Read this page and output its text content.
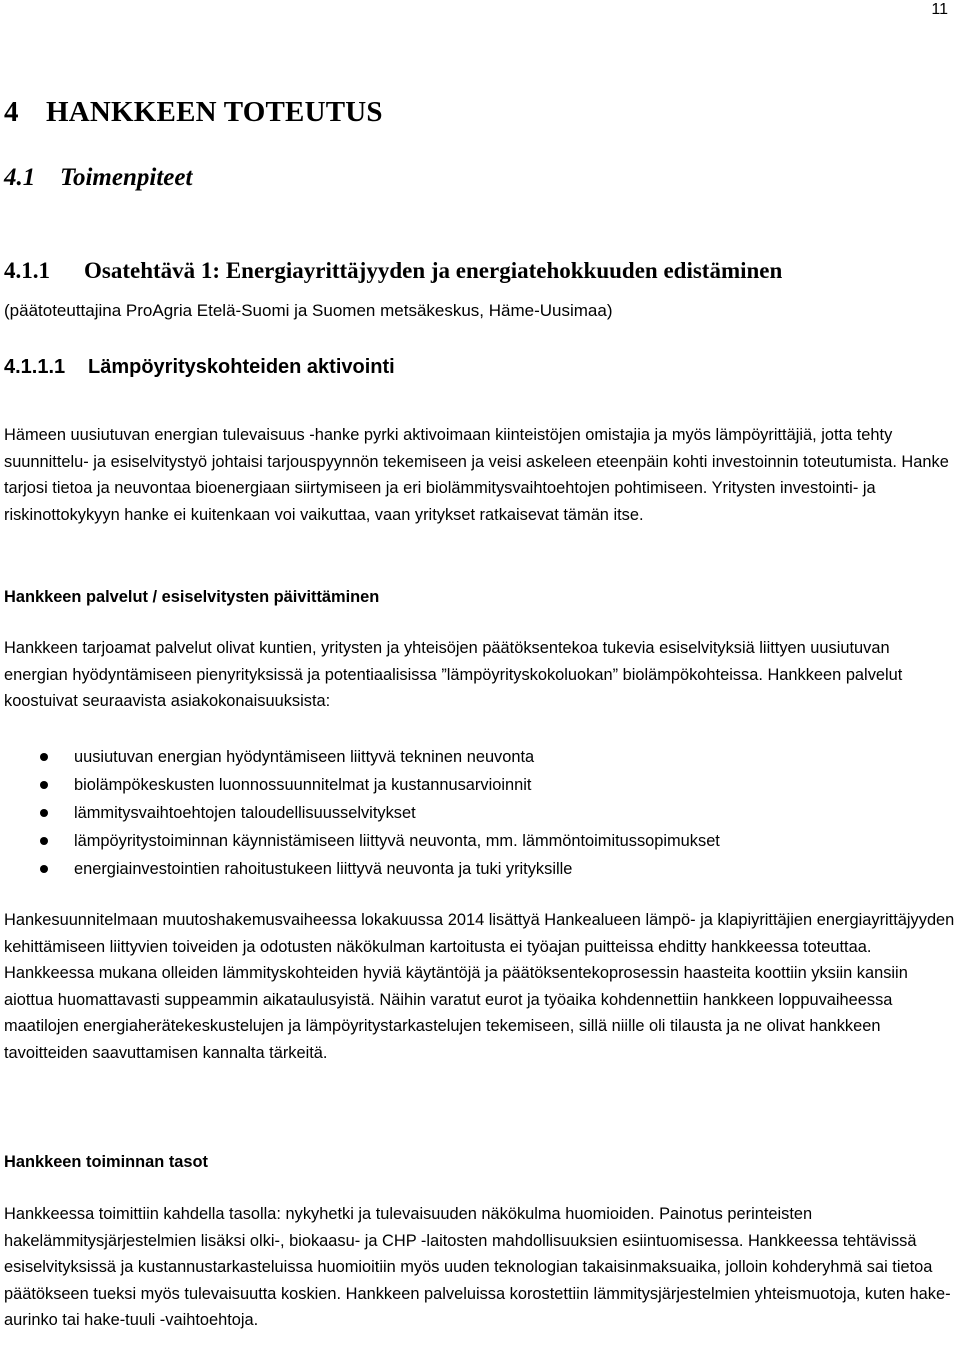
11
4 HANKKEEN TOTEUTUS
4.1 Toimenpiteet
4.1.1 Osatehtävä 1: Energiayrittäjyyden ja energiatehokkuuden edistäminen

(päätoteuttajina ProAgria Etelä-Suomi ja Suomen metsäkeskus, Häme-Uusimaa)

4.1.1.1 Lämpöyrityskohteiden aktivointi

Hämeen uusiutuvan energian tulevaisuus -hanke pyrki aktivoimaan kiinteistöjen omistajia ja myös lämpöyrittäjiä, jotta tehty suunnittelu- ja esiselvitystyö johtaisi tarjouspyynnön tekemiseen ja veisi askeleen eteenpäin kohti investoinnin toteutumista. Hanke tarjosi tietoa ja neuvontaa bioenergiaan siirtymiseen ja eri biolämmitysvaihtoehtojen pohtimiseen. Yritysten investointi- ja riskinottokykyyn hanke ei kuitenkaan voi vaikuttaa, vaan yritykset ratkaisevat tämän itse.

Hankkeen palvelut / esiselvitysten päivittäminen

Hankkeen tarjoamat palvelut olivat kuntien, yritysten ja yhteisöjen päätöksentekoa tukevia esiselvityksiä liittyen uusiutuvan energian hyödyntämiseen pienyrityksissä ja potentiaalisissa ”lämpöyrityskokoluokan” biolämpökohteissa. Hankkeen palvelut koostuivat seuraavista asiakokonaisuuksista:

uusiutuvan energian hyödyntämiseen liittyvä tekninen neuvonta
biolämpökeskusten luonnossuunnitelmat ja kustannusarvioinnit
lämmitysvaihtoehtojen taloudellisuusselvitykset
lämpöyritystoiminnan käynnistämiseen liittyvä neuvonta, mm. lämmöntoimitussopimukset
energiainvestointien rahoitustukeen liittyvä neuvonta ja tuki yrityksille

Hankesuunnitelmaan muutoshakemusvaiheessa lokakuussa 2014 lisättyä Hankealueen lämpö- ja klapiyrittäjien energiayrittäjyyden kehittämiseen liittyvien toiveiden ja odotusten näkökulman kartoitusta ei työajan puitteissa ehditty hankkeessa toteuttaa. Hankkeessa mukana olleiden lämmityskohteiden hyviä käytäntöjä ja päätöksentekoprosessin haasteita koottiin yksiin kansiin aiottua huomattavasti suppeammin aikataulusyistä. Näihin varatut eurot ja työaika kohdennettiin hankkeen loppuvaiheessa maatilojen energiaherätekeskustelujen ja lämpöyritystarkastelujen tekemiseen, sillä niille oli tilausta ja ne olivat hankkeen tavoitteiden saavuttamisen kannalta tärkeitä.

Hankkeen toiminnan tasot

Hankkeessa toimittiin kahdella tasolla: nykyhetki ja tulevaisuuden näkökulma huomioiden. Painotus perinteisten hakelämmitysjärjestelmien lisäksi olki-, biokaasu- ja CHP -laitosten mahdollisuuksien esiintuomisessa. Hankkeessa tehtävissä esiselvityksissä ja kustannustarkasteluissa huomioitiin myös uuden teknologian takaisinmaksuaika, jolloin kohderyhmä sai tietoa päätökseen tueksi myös tulevaisuutta koskien. Hankkeen palveluissa korostettiin lämmitysjärjestelmien yhteismuotoja, kuten hake-aurinko tai hake-tuuli -vaihtoehtoja.
